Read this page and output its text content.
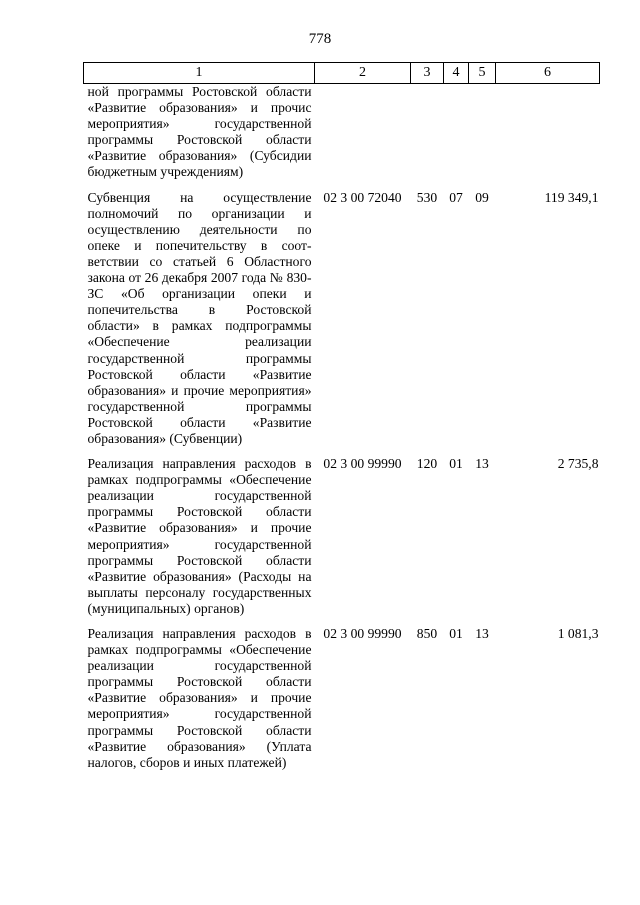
778
1	2	3	4	5	6
ной программы Ростовской области «Развитие образования» и прочис мероприятия» государственной программы Ростовской области «Развитие образования» (Субсидии бюджетным учреждениям)					
Субвенция на осуществление полномочий по организации и осуществлению деятельности по опеке и попечительству в соответствии со статьей 6 Областного закона от 26 декабря 2007 года № 830-ЗС «Об организации опеки и попечительства в Ростовской области» в рамках подпрограммы «Обеспечение реализации государственной программы Ростовской области «Развитие образования» и прочие мероприятия» государственной программы Ростовской области «Развитие образования» (Субвенции)	02 3 00 72040	530	07	09	119 349,1
Реализация направления расходов в рамках подпрограммы «Обеспечение реализации государственной программы Ростовской области «Развитие образования» и прочие мероприятия» государственной программы Ростовской области «Развитие образования» (Расходы на выплаты персоналу государственных (муниципальных) органов)	02 3 00 99990	120	01	13	2 735,8
Реализация направления расходов в рамках подпрограммы «Обеспечение реализации государственной программы Ростовской области «Развитие образования» и прочие мероприятия» государственной программы Ростовской области «Развитие образования» (Уплата налогов, сборов и иных платежей)	02 3 00 99990	850	01	13	1 081,3
